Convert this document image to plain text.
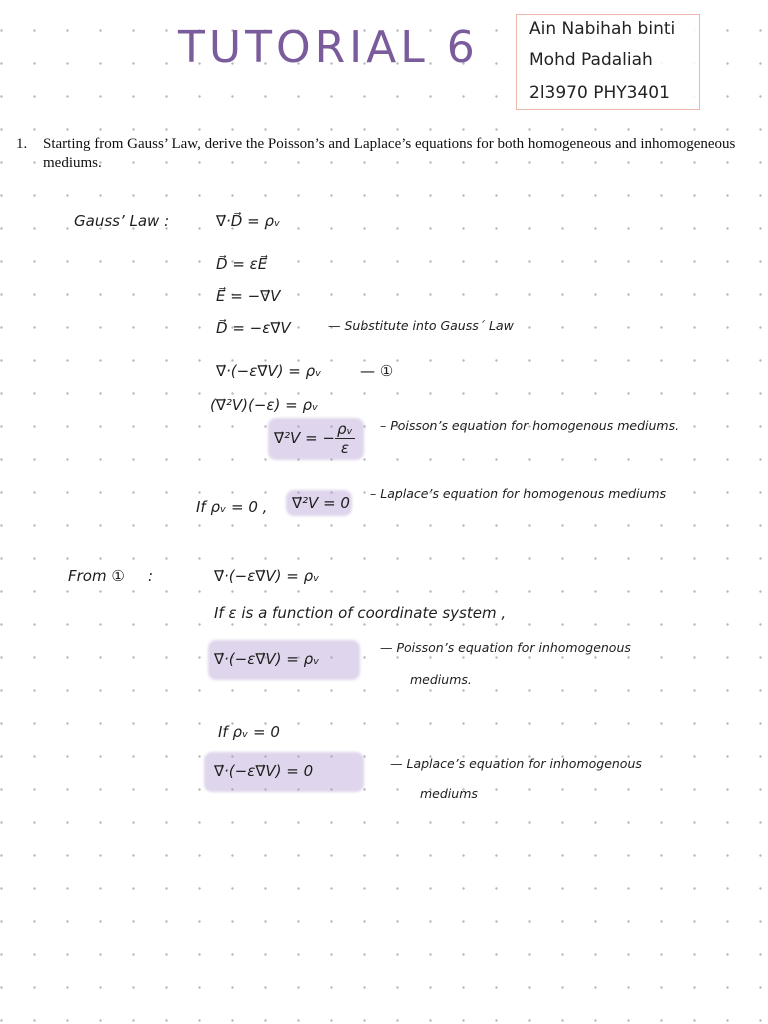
TUTORIAL 6	Ain Nabihah binti
Mohd Padaliah
2l3970 PHY3401
1. Starting from Gauss’ Law, derive the Poisson’s and Laplace’s equations for both homogeneous and inhomogeneous mediums.
Gauss’ Law :	∇⃗·D⃗ = ρᵥ
D⃗ = εE⃗
E⃗ = −∇⃗V
D⃗ = −ε∇⃗V	— Substitute into Gauss´ Law
∇⃗·(−ε∇⃗V) = ρᵥ	— ①
(∇⃗²V)(−ε) = ρᵥ
∇⃗²V = − $\frac{\text{ρᵥ}}{\varepsilon}$ – Poisson’s equation for homogenous mediums.
If ρᵥ = 0 , ∇⃗²V = 0
– Laplace’s equation for homogenous mediums
From ① :	∇⃗·(−ε∇⃗V) = ρᵥ
If ε is a function of coordinate system ,
∇⃗·(−ε∇⃗V) = ρᵥ
— Poisson’s equation for inhomogenous
mediums.
If ρᵥ = 0
∇⃗·(−ε∇⃗V) = 0	— Laplace’s equation for inhomogenous
mediums
